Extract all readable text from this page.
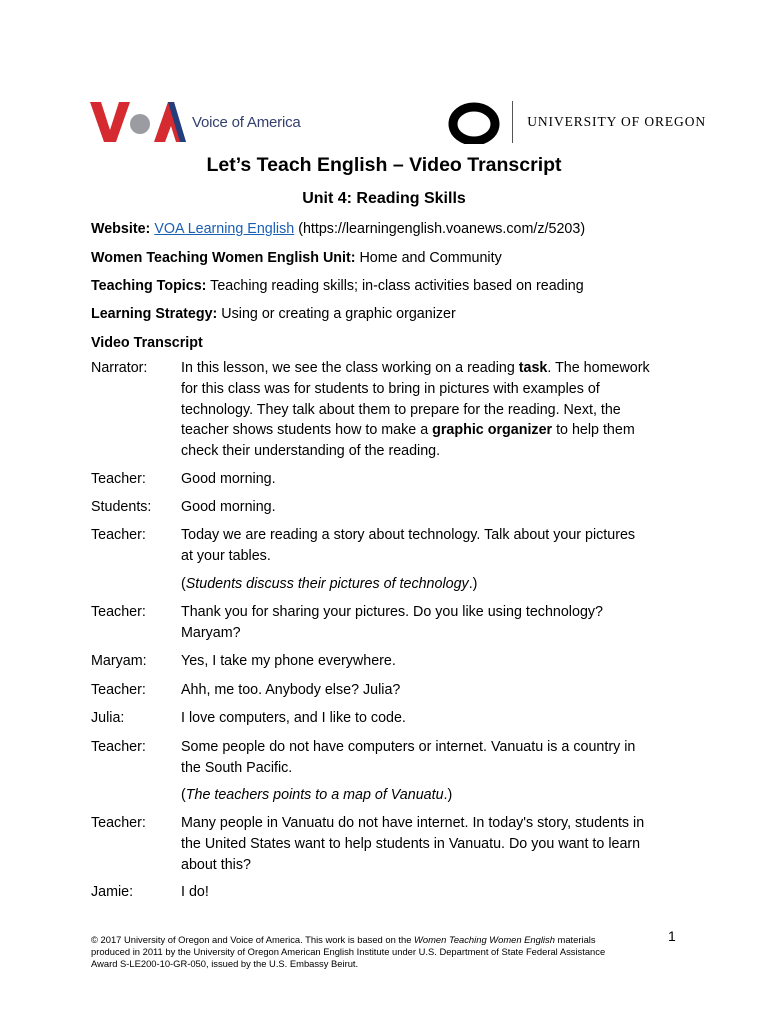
Voice of America	UNIVERSITY OF OREGON
Let’s Teach English – Video Transcript
Unit 4: Reading Skills
Website: VOA Learning English (https://learningenglish.voanews.com/z/5203)
Women Teaching Women English Unit: Home and Community
Teaching Topics: Teaching reading skills; in-class activities based on reading
Learning Strategy: Using or creating a graphic organizer
Video Transcript
Narrator:	In this lesson, we see the class working on a reading task. The homework
for this class was for students to bring in pictures with examples of
technology. They talk about them to prepare for the reading. Next, the
teacher shows students how to make a graphic organizer to help them
check their understanding of the reading.
Teacher:	Good morning.
Students:	Good morning.
Teacher:	Today we are reading a story about technology. Talk about your pictures
at your tables.
(Students discuss their pictures of technology.)
Teacher:	Thank you for sharing your pictures. Do you like using technology?
Maryam?
Maryam:	Yes, I take my phone everywhere.
Teacher:	Ahh, me too. Anybody else? Julia?
Julia:	I love computers, and I like to code.
Teacher:	Some people do not have computers or internet. Vanuatu is a country in
the South Pacific.
(The teachers points to a map of Vanuatu.)
Teacher:	Many people in Vanuatu do not have internet. In today's story, students in
the United States want to help students in Vanuatu. Do you want to learn
about this?
Jamie:	I do!
© 2017 University of Oregon and Voice of America. This work is based on the Women Teaching Women English materials
produced in 2011 by the University of Oregon American English Institute under U.S. Department of State Federal Assistance
Award S-LE200-10-GR-050, issued by the U.S. Embassy Beirut.
1
